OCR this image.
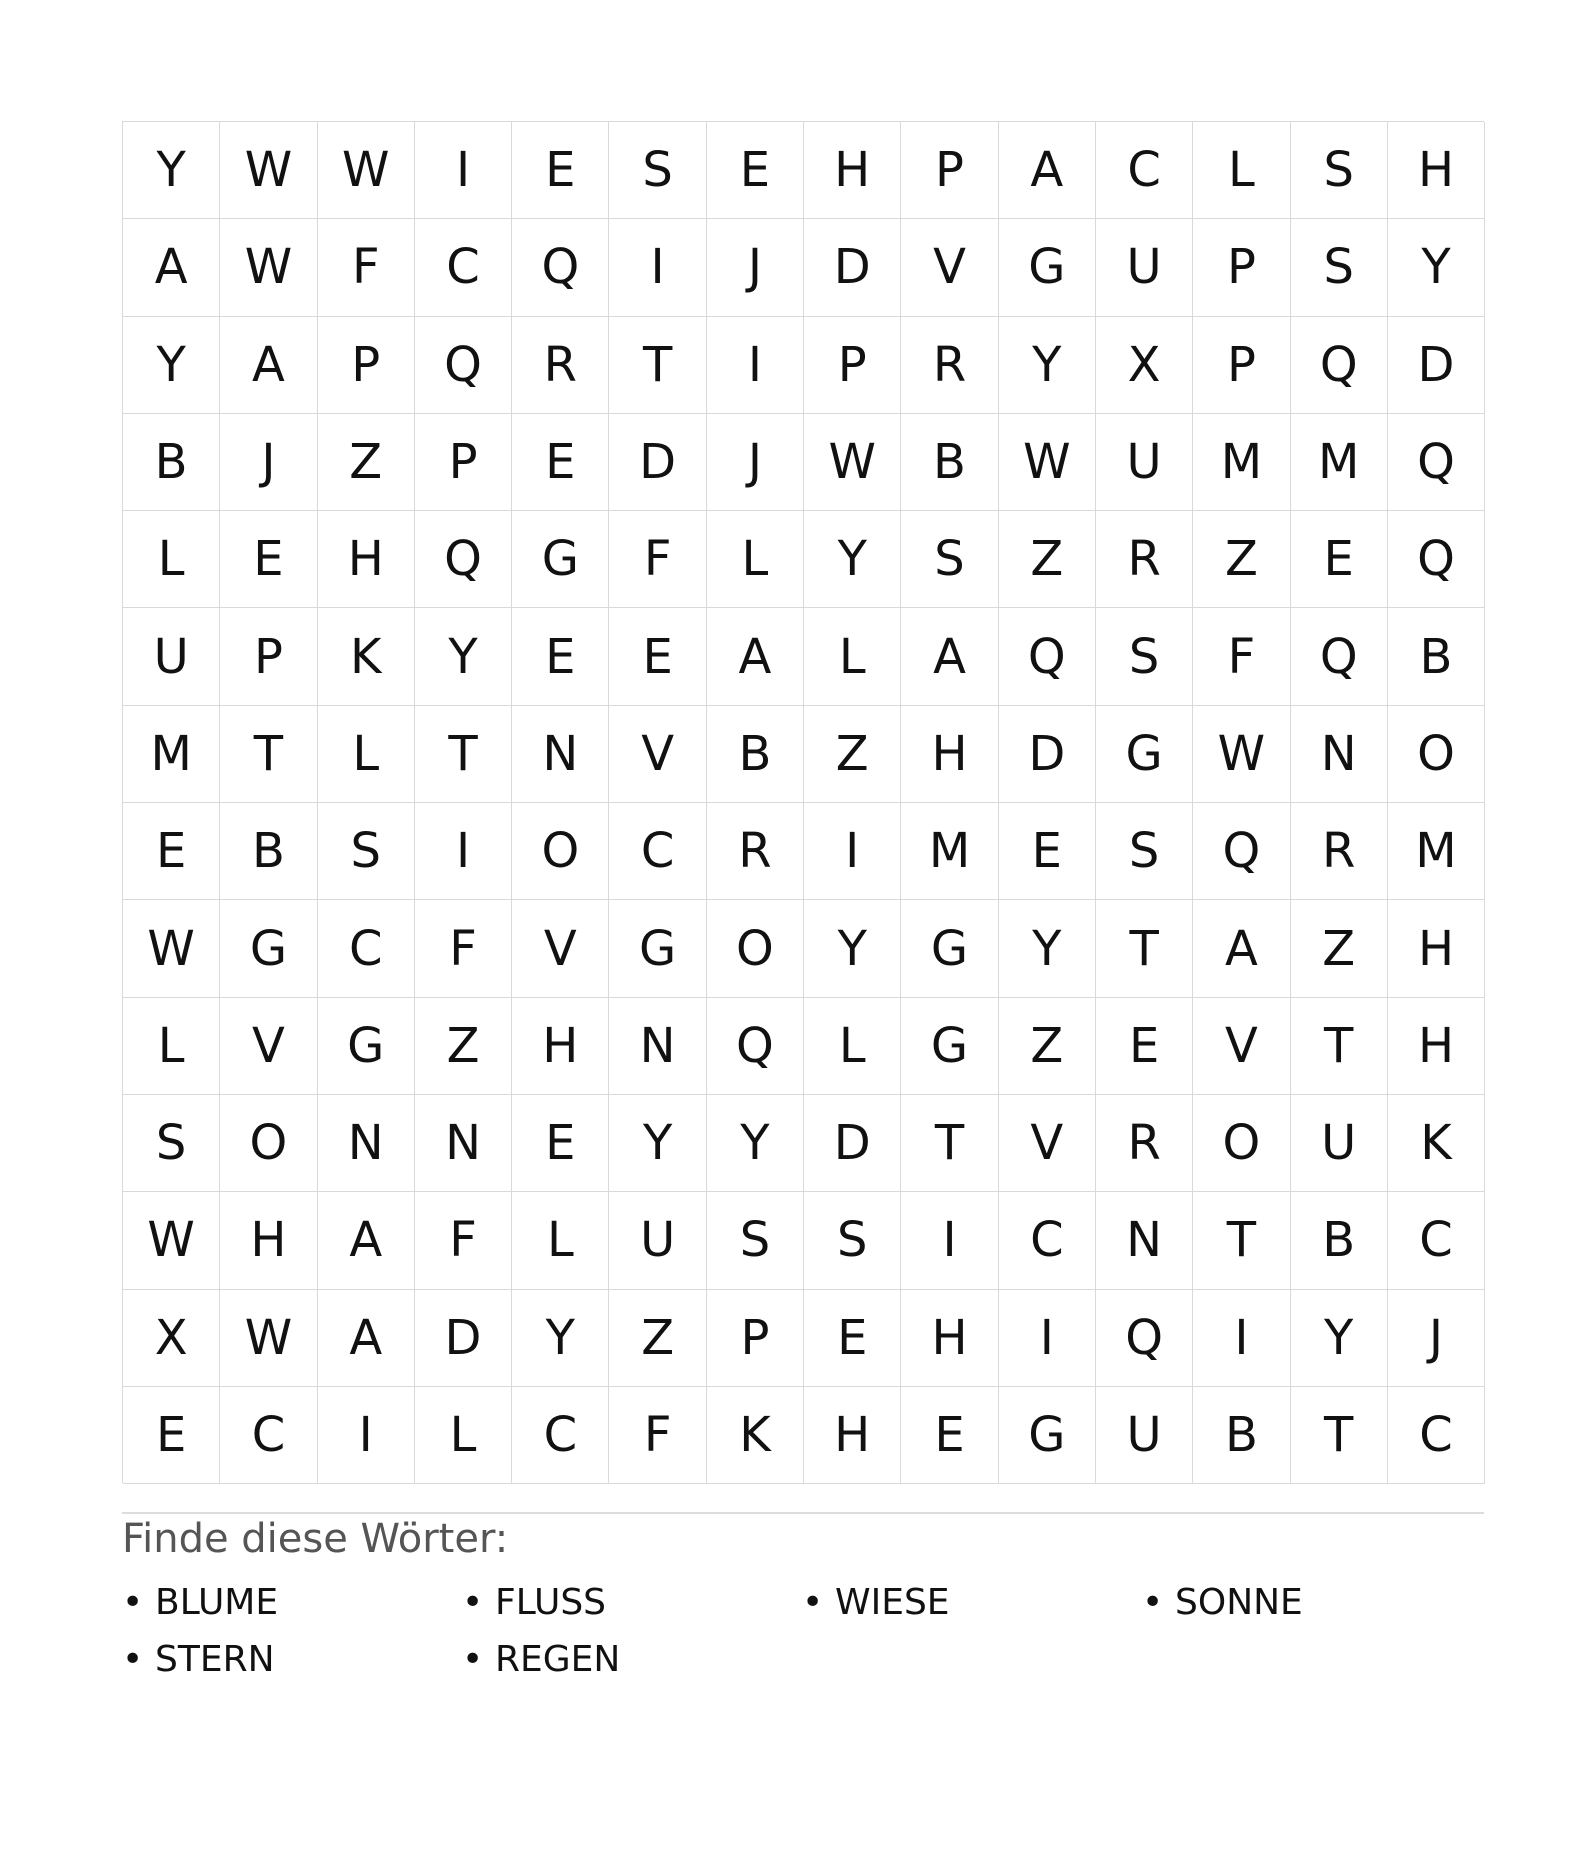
Y	W	W	I	E	S	E	H	P	A	C	L	S	H
A	W	F	C	Q	I	J	D	V	G	U	P	S	Y
Y	A	P	Q	R	T	I	P	R	Y	X	P	Q	D
B	J	Z	P	E	D	J	W	B	W	U	M	M	Q
L	E	H	Q	G	F	L	Y	S	Z	R	Z	E	Q
U	P	K	Y	E	E	A	L	A	Q	S	F	Q	B
M	T	L	T	N	V	B	Z	H	D	G	W	N	O
E	B	S	I	O	C	R	I	M	E	S	Q	R	M
W	G	C	F	V	G	O	Y	G	Y	T	A	Z	H
L	V	G	Z	H	N	Q	L	G	Z	E	V	T	H
S	O	N	N	E	Y	Y	D	T	V	R	O	U	K
W	H	A	F	L	U	S	S	I	C	N	T	B	C
X	W	A	D	Y	Z	P	E	H	I	Q	I	Y	J
E	C	I	L	C	F	K	H	E	G	U	B	T	C
Finde diese Wörter:
• BLUME	• FLUSS	• WIESE	• SONNE
• STERN	• REGEN
